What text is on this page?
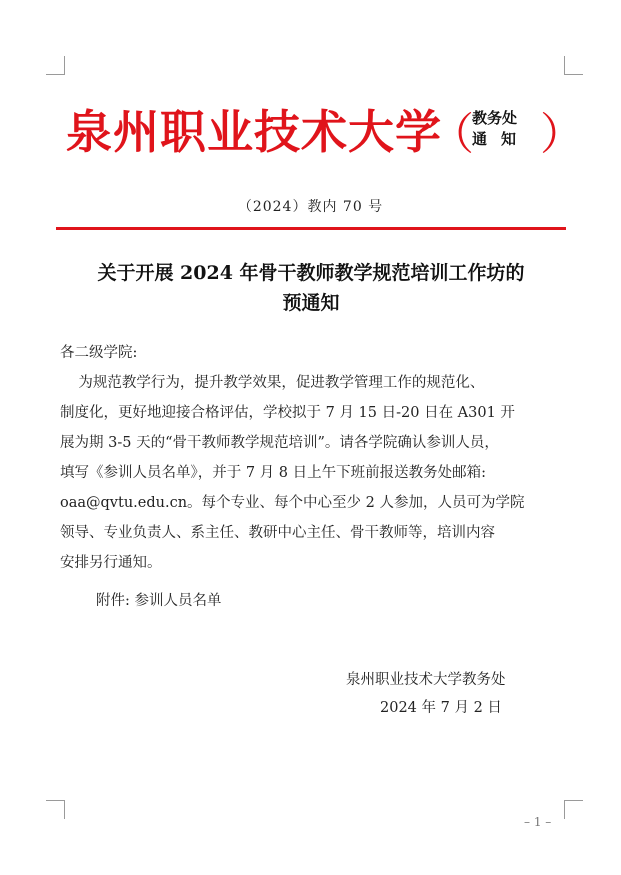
泉州职业技术大学
（
教务处
通知 ）
（2024）教内 70 号
关于开展 2024 年骨干教师教学规范培训工作坊的
预通知
各二级学院:
为规范教学行为，提升教学效果，促进教学管理工作的规范化、
制度化，更好地迎接合格评估，学校拟于 7 月 15 日-20 日在 A301 开
展为期 3-5 天的“骨干教师教学规范培训”。请各学院确认参训人员，
填写《参训人员名单》，并于 7 月 8 日上午下班前报送教务处邮箱:
oaa@qvtu.edu.cn。每个专业、每个中心至少 2 人参加，人员可为学院
领导、专业负责人、系主任、教研中心主任、骨干教师等，培训内容
安排另行通知。
附件: 参训人员名单
泉州职业技术大学教务处
2024 年 7 月 2 日
– 1 –
